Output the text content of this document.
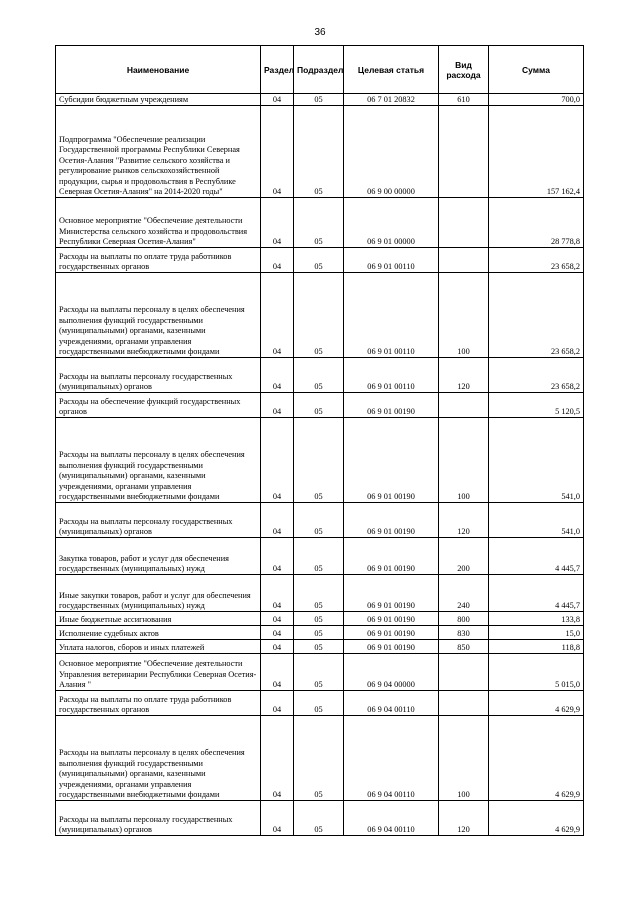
36
Наименование	Раздел	Подраздел	Целевая статья	Вид расхода	Сумма
Субсидии бюджетным учреждениям	04	05	06 7 01 20832	610	700,0
Подпрограмма "Обеспечение реализации Государственной программы Республики Северная Осетия-Алания "Развитие сельского хозяйства и регулирование рынков сельскохозяйственной продукции, сырья и продовольствия в Республике Северная Осетия-Алания" на 2014-2020 годы"	04	05	06 9 00 00000		157 162,4
Основное мероприятие "Обеспечение деятельности Министерства сельского хозяйства и продовольствия Республики Северная Осетия-Алания"	04	05	06 9 01 00000		28 778,8
Расходы на выплаты по оплате труда работников государственных органов	04	05	06 9 01 00110		23 658,2
Расходы на выплаты персоналу в целях обеспечения выполнения функций государственными (муниципальными) органами, казенными учреждениями, органами управления государственными внебюджетными фондами	04	05	06 9 01 00110	100	23 658,2
Расходы на выплаты персоналу государственных (муниципальных) органов	04	05	06 9 01 00110	120	23 658,2
Расходы на обеспечение функций государственных органов	04	05	06 9 01 00190		5 120,5
Расходы на выплаты персоналу в целях обеспечения выполнения функций государственными (муниципальными) органами, казенными учреждениями, органами управления государственными внебюджетными фондами	04	05	06 9 01 00190	100	541,0
Расходы на выплаты персоналу государственных (муниципальных) органов	04	05	06 9 01 00190	120	541,0
Закупка товаров, работ и услуг для обеспечения государственных (муниципальных) нужд	04	05	06 9 01 00190	200	4 445,7
Иные закупки товаров, работ и услуг для обеспечения государственных (муниципальных) нужд	04	05	06 9 01 00190	240	4 445,7
Иные бюджетные ассигнования	04	05	06 9 01 00190	800	133,8
Исполнение судебных актов	04	05	06 9 01 00190	830	15,0
Уплата налогов, сборов и иных платежей	04	05	06 9 01 00190	850	118,8
Основное мероприятие "Обеспечение деятельности Управления ветеринарии Республики Северная Осетия-Алания "	04	05	06 9 04 00000		5 015,0
Расходы на выплаты по оплате труда работников государственных органов	04	05	06 9 04 00110		4 629,9
Расходы на выплаты персоналу в целях обеспечения выполнения функций государственными (муниципальными) органами, казенными учреждениями, органами управления государственными внебюджетными фондами	04	05	06 9 04 00110	100	4 629,9
Расходы на выплаты персоналу государственных (муниципальных) органов	04	05	06 9 04 00110	120	4 629,9
